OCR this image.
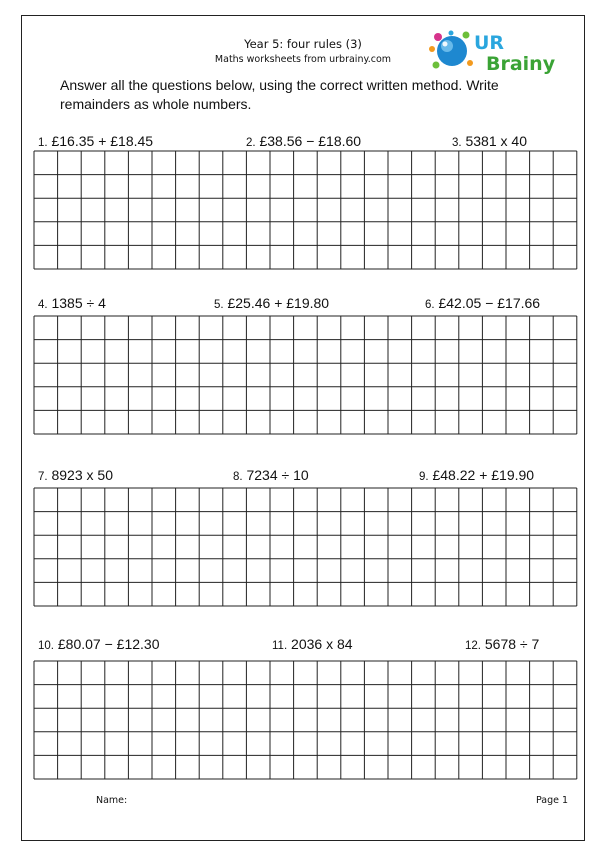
Year 5: four rules (3)
Maths worksheets from urbrainy.com
UR
Brainy
Answer all the questions below, using the correct written method. Write remainders as whole numbers.
1. £16.35 + £18.45	2. £38.56 − £18.60	3. 5381 x 40
4. 1385 ÷ 4	5. £25.46 + £19.80	6. £42.05 − £17.66
7. 8923 x 50	8. 7234 ÷ 10	9. £48.22 + £19.90
10. £80.07 − £12.30	11. 2036 x 84	12. 5678 ÷ 7
Name:	Page 1
